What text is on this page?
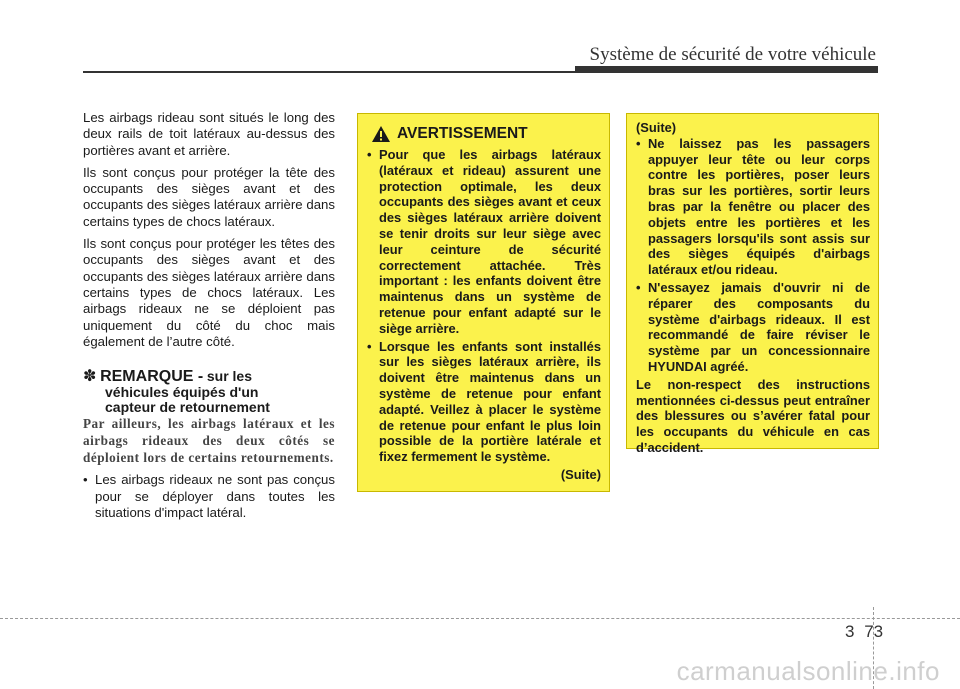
Système de sécurité de votre véhicule

Les airbags rideau sont situés le long des deux rails de toit latéraux au-dessus des portières avant et arrière.

Ils sont conçus pour protéger la tête des occupants des sièges avant et des occupants des sièges latéraux arrière dans certains types de chocs latéraux.

Ils sont conçus pour protéger les têtes des occupants des sièges avant et des occupants des sièges latéraux arrière dans certains types de chocs latéraux. Les airbags rideaux ne se déploient pas uniquement du côté du choc mais également de l’autre côté.

✽ REMARQUE - sur les
véhicules équipés d'un
capteur de retournement

Par ailleurs, les airbags latéraux et les airbags rideaux des deux côtés se déploient lors de certains retournements.

• Les airbags rideaux ne sont pas conçus pour se déployer dans toutes les situations d'impact latéral.
AVERTISSEMENT
• Pour que les airbags latéraux (latéraux et rideau) assurent une protection optimale, les deux occupants des sièges avant et ceux des sièges latéraux arrière doivent se tenir droits sur leur siège avec leur ceinture de sécurité correctement attachée. Très important : les enfants doivent être maintenus dans un système de retenue pour enfant adapté sur le siège arrière.
• Lorsque les enfants sont installés sur les sièges latéraux arrière, ils doivent être maintenus dans un système de retenue pour enfant adapté. Veillez à placer le système de retenue pour enfant le plus loin possible de la portière latérale et fixez fermement le système.
(Suite)
(Suite)
• Ne laissez pas les passagers appuyer leur tête ou leur corps contre les portières, poser leurs bras sur les portières, sortir leurs bras par la fenêtre ou placer des objets entre les portières et les passagers lorsqu'ils sont assis sur des sièges équipés d'airbags latéraux et/ou rideau.
• N'essayez jamais d'ouvrir ni de réparer des composants du système d'airbags rideaux. Il est recommandé de faire réviser le système par un concessionnaire HYUNDAI agréé.

Le non-respect des instructions mentionnées ci-dessus peut entraîner des blessures ou s’avérer fatal pour les occupants du véhicule en cas d’accident.

3 73
carmanualsonline.info
